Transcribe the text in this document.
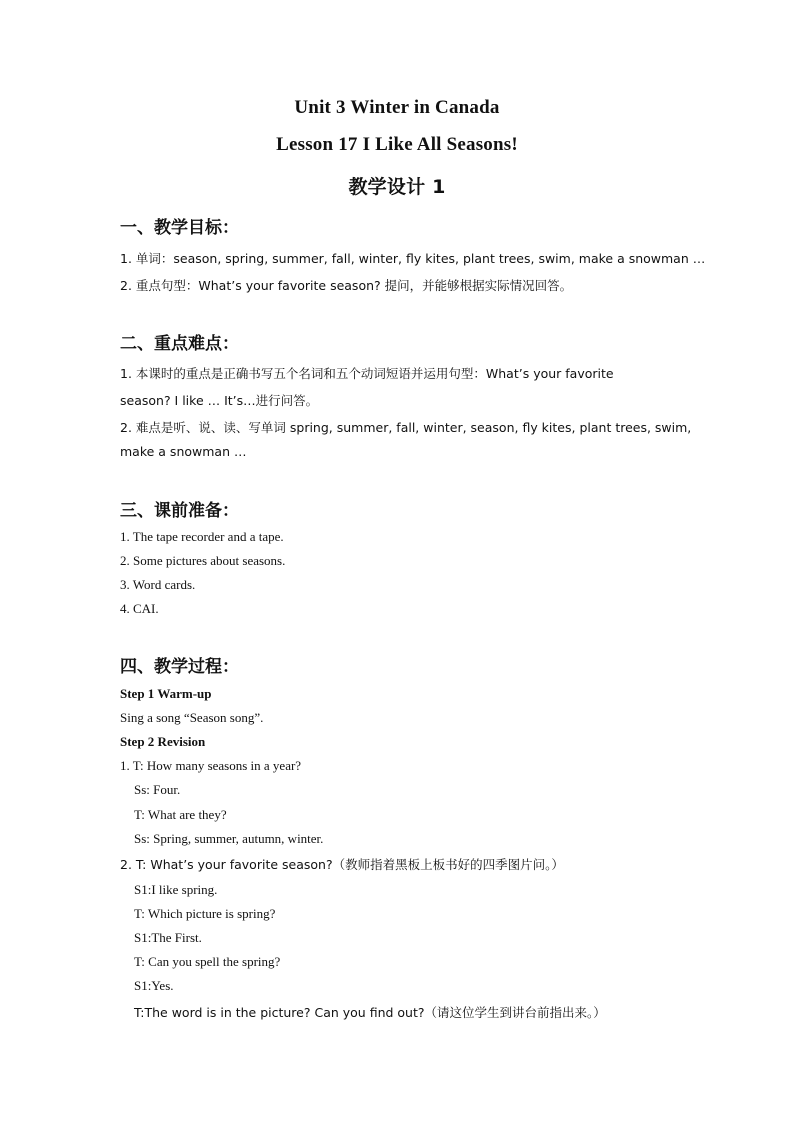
Unit 3 Winter in Canada
Lesson 17 I Like All Seasons!
教学设计 1
一、教学目标：
1. 单词：season, spring, summer, fall, winter, fly kites, plant trees, swim, make a snowman …
2. 重点句型：What’s your favorite season? 提问，并能够根据实际情况回答。
二、重点难点：
1. 本课时的重点是正确书写五个名词和五个动词短语并运用句型：What’s your favorite
season? I like … It’s…进行问答。
2. 难点是听、说、读、写单词 spring, summer, fall, winter, season, fly kites, plant trees, swim,
make a snowman …
三、课前准备：
1. The tape recorder and a tape.
2. Some pictures about seasons.
3. Word cards.
4. CAI.
四、教学过程：
Step 1 Warm-up
Sing a song “Season song”.
Step 2 Revision
1. T: How many seasons in a year?
Ss: Four.
T: What are they?
Ss: Spring, summer, autumn, winter.
2. T: What’s your favorite season?（教师指着黑板上板书好的四季图片问。）
S1:I like spring.
T: Which picture is spring?
S1:The First.
T: Can you spell the spring?
S1:Yes.
T:The word is in the picture? Can you find out?（请这位学生到讲台前指出来。）
